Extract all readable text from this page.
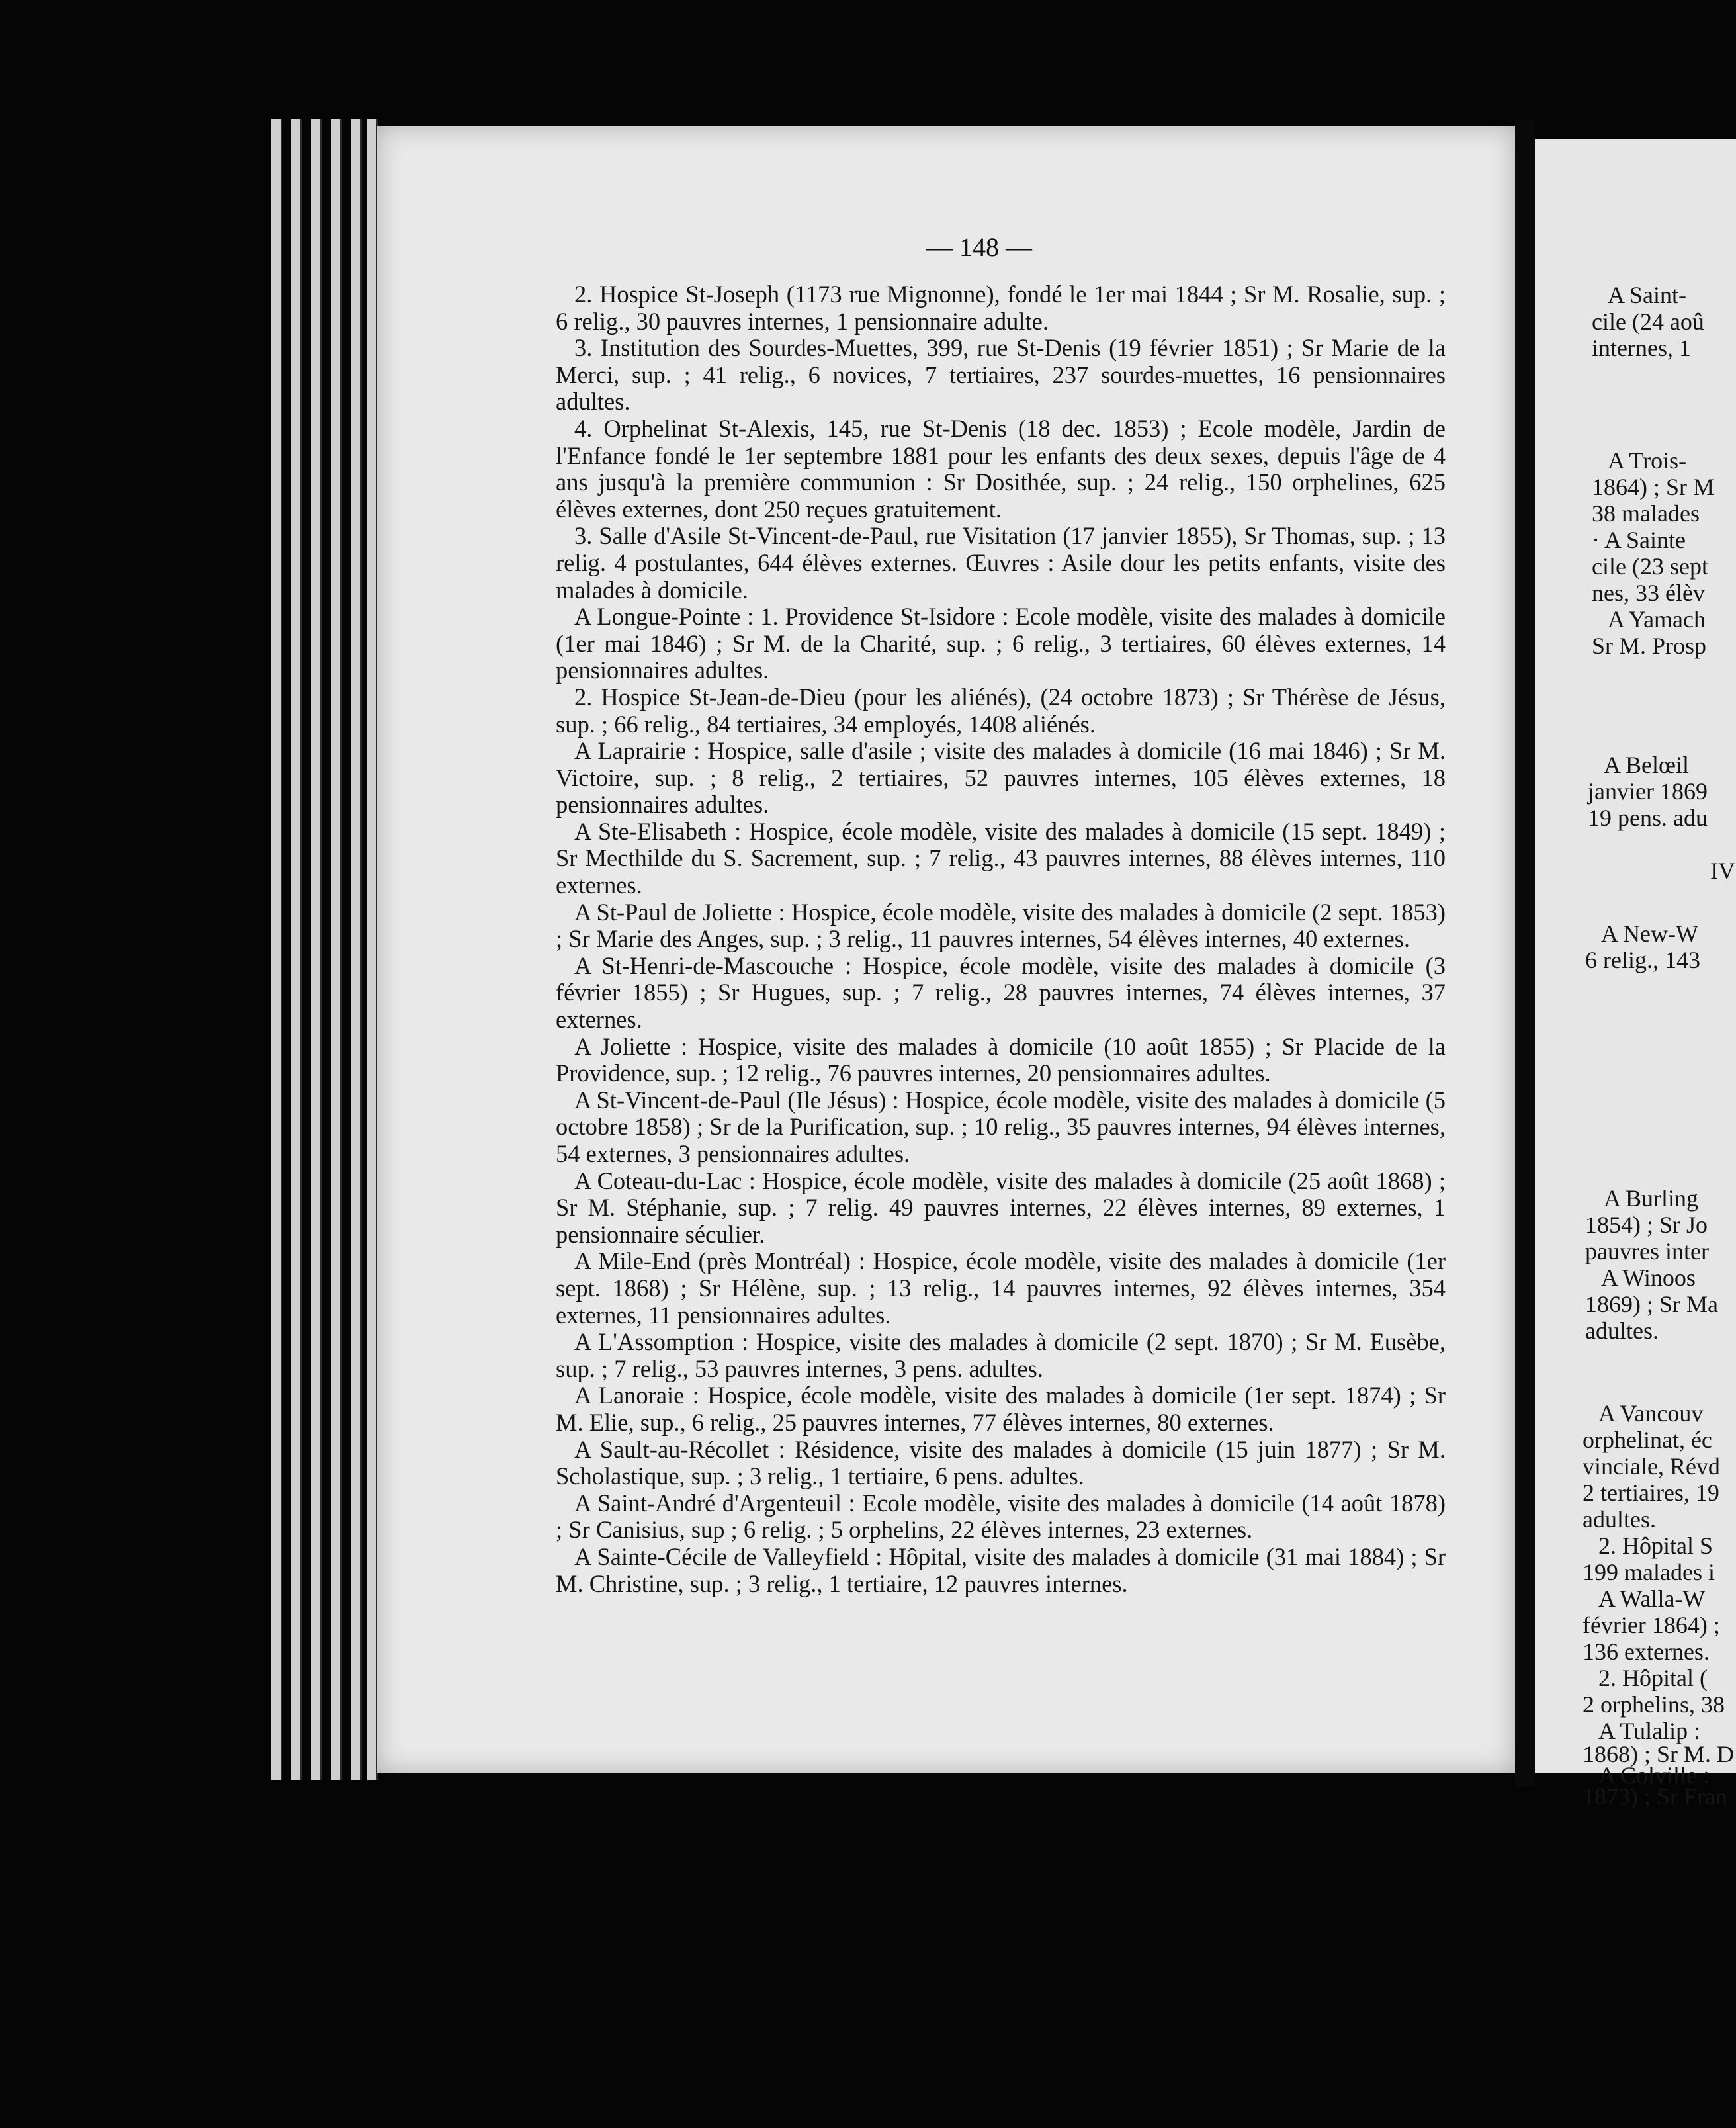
— 148 —

2. Hospice St-Joseph (1173 rue Mignonne), fondé le 1er mai 1844 ; Sr M. Rosalie, sup. ; 6 relig., 30 pauvres internes, 1 pensionnaire adulte.

3. Institution des Sourdes-Muettes, 399, rue St-Denis (19 février 1851) ; Sr Marie de la Merci, sup. ; 41 relig., 6 novices, 7 tertiaires, 237 sourdes-muettes, 16 pensionnaires adultes.

4. Orphelinat St-Alexis, 145, rue St-Denis (18 dec. 1853) ; Ecole modèle, Jardin de l'Enfance fondé le 1er septembre 1881 pour les enfants des deux sexes, depuis l'âge de 4 ans jusqu'à la première communion : Sr Dosithée, sup. ; 24 relig., 150 orphelines, 625 élèves externes, dont 250 reçues gratuitement.

3. Salle d'Asile St-Vincent-de-Paul, rue Visitation (17 janvier 1855), Sr Thomas, sup. ; 13 relig. 4 postulantes, 644 élèves externes. Œuvres : Asile dour les petits enfants, visite des malades à domicile.

A Longue-Pointe : 1. Providence St-Isidore : Ecole modèle, visite des malades à domicile (1er mai 1846) ; Sr M. de la Charité, sup. ; 6 relig., 3 tertiaires, 60 élèves externes, 14 pensionnaires adultes.

2. Hospice St-Jean-de-Dieu (pour les aliénés), (24 octobre 1873) ; Sr Thérèse de Jésus, sup. ; 66 relig., 84 tertiaires, 34 employés, 1408 aliénés.

A Laprairie : Hospice, salle d'asile ; visite des malades à domicile (16 mai 1846) ; Sr M. Victoire, sup. ; 8 relig., 2 tertiaires, 52 pauvres internes, 105 élèves externes, 18 pensionnaires adultes.

A Ste-Elisabeth : Hospice, école modèle, visite des malades à domicile (15 sept. 1849) ; Sr Mecthilde du S. Sacrement, sup. ; 7 relig., 43 pauvres internes, 88 élèves internes, 110 externes.

A St-Paul de Joliette : Hospice, école modèle, visite des malades à domicile (2 sept. 1853) ; Sr Marie des Anges, sup. ; 3 relig., 11 pauvres internes, 54 élèves internes, 40 externes.

A St-Henri-de-Mascouche : Hospice, école modèle, visite des malades à domicile (3 février 1855) ; Sr Hugues, sup. ; 7 relig., 28 pauvres internes, 74 élèves internes, 37 externes.

A Joliette : Hospice, visite des malades à domicile (10 août 1855) ; Sr Placide de la Providence, sup. ; 12 relig., 76 pauvres internes, 20 pensionnaires adultes.

A St-Vincent-de-Paul (Ile Jésus) : Hospice, école modèle, visite des malades à domicile (5 octobre 1858) ; Sr de la Purification, sup. ; 10 relig., 35 pauvres internes, 94 élèves internes, 54 externes, 3 pensionnaires adultes.

A Coteau-du-Lac : Hospice, école modèle, visite des malades à domicile (25 août 1868) ; Sr M. Stéphanie, sup. ; 7 relig. 49 pauvres internes, 22 élèves internes, 89 externes, 1 pensionnaire séculier.

A Mile-End (près Montréal) : Hospice, école modèle, visite des malades à domicile (1er sept. 1868) ; Sr Hélène, sup. ; 13 relig., 14 pauvres internes, 92 élèves internes, 354 externes, 11 pensionnaires adultes.

A L'Assomption : Hospice, visite des malades à domicile (2 sept. 1870) ; Sr M. Eusèbe, sup. ; 7 relig., 53 pauvres internes, 3 pens. adultes.

A Lanoraie : Hospice, école modèle, visite des malades à domicile (1er sept. 1874) ; Sr M. Elie, sup., 6 relig., 25 pauvres internes, 77 élèves internes, 80 externes.

A Sault-au-Récollet : Résidence, visite des malades à domicile (15 juin 1877) ; Sr M. Scholastique, sup. ; 3 relig., 1 tertiaire, 6 pens. adultes.

A Saint-André d'Argenteuil : Ecole modèle, visite des malades à domicile (14 août 1878) ; Sr Canisius, sup ; 6 relig. ; 5 orphelins, 22 élèves internes, 23 externes.

A Sainte-Cécile de Valleyfield : Hôpital, visite des malades à domicile (31 mai 1884) ; Sr M. Christine, sup. ; 3 relig., 1 tertiaire, 12 pauvres internes.

A Saint-
cile (24 aoû
internes, 1
A Trois-
1864) ; Sr M
38 malades
· A Sainte
cile (23 sept
nes, 33 élèv
A Yamach
Sr M. Prosp
A Belœil
janvier 1869
19 pens. adu
IV
A New-W
6 relig., 143
A Burling
1854) ; Sr Jo
pauvres inter
A Winoos
1869) ; Sr Ma
adultes.
A Vancouv
orphelinat, éc
vinciale, Révd
2 tertiaires, 19
adultes.
2. Hôpital S
199 malades i
A Walla-W
février 1864) ;
136 externes.
2. Hôpital (
2 orphelins, 38
A Tulalip :
1868) ; Sr M. D
A Colville :
1873) ; Sr Fran
